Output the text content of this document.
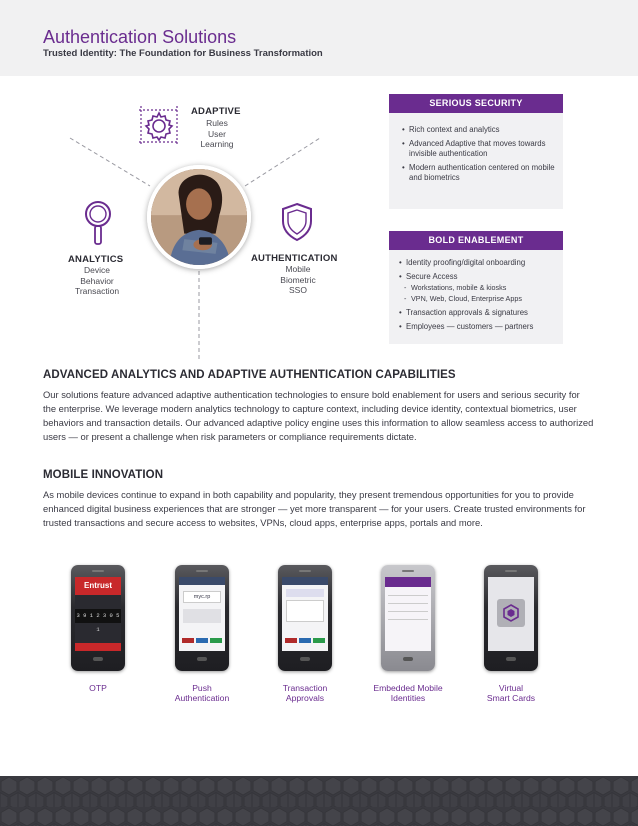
Authentication Solutions
Trusted Identity: The Foundation for Business Transformation
ADAPTIVE
Rules
User
Learning
ANALYTICS
Device
Behavior
Transaction
AUTHENTICATION
Mobile
Biometric
SSO
SERIOUS SECURITY
• Rich context and analytics
• Advanced Adaptive that moves towards invisible authentication
• Modern authentication centered on mobile and biometrics
BOLD ENABLEMENT
• Identity proofing/digital onboarding
• Secure Access
- Workstations, mobile & kiosks
- VPN, Web, Cloud, Enterprise Apps
• Transaction approvals & signatures
• Employees — customers — partners
ADVANCED ANALYTICS AND ADAPTIVE AUTHENTICATION CAPABILITIES
Our solutions feature advanced adaptive authentication technologies to ensure bold enablement for users and serious security for the enterprise. We leverage modern analytics technology to capture context, including device identity, contextual biometrics, user behaviors and transaction details. Our advanced adaptive policy engine uses this information to allow seamless access to authorized users — or present a challenge when risk parameters or compliance requirements dictate.
MOBILE INNOVATION
As mobile devices continue to expand in both capability and popularity, they present tremendous opportunities for you to provide enhanced digital business experiences that are stronger — yet more transparent — for your users. Create trusted environments for trusted transactions and secure access to websites, VPNs, cloud apps, enterprise apps, portals and more.
Entrust
3 9 1 2 3 0 5 1
OTP
myc.rp
Push
Authentication
Transaction
Approvals
Embedded Mobile
Identities
Virtual
Smart Cards
